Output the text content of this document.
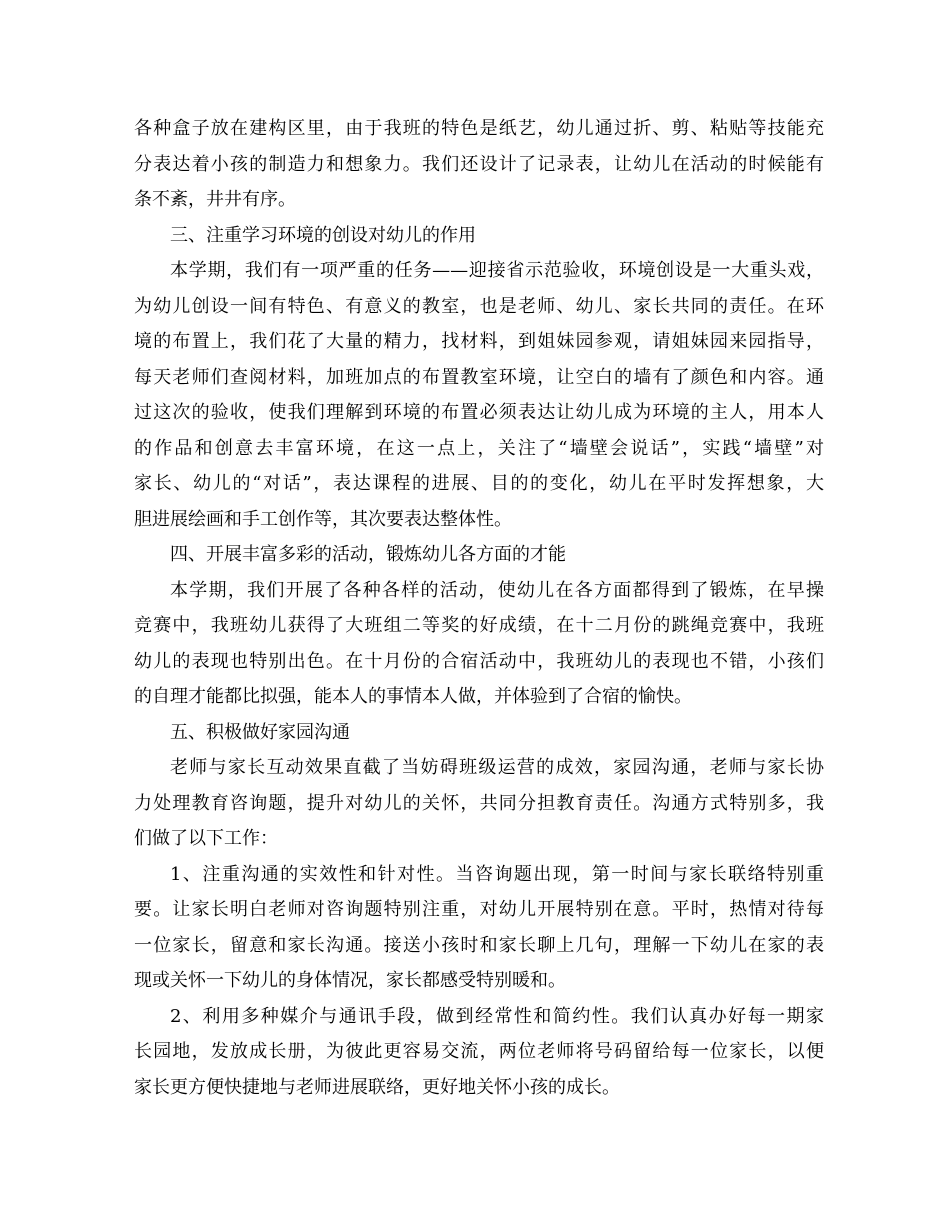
各种盒子放在建构区里，由于我班的特色是纸艺，幼儿通过折、剪、粘贴等技能充
分表达着小孩的制造力和想象力。我们还设计了记录表，让幼儿在活动的时候能有
条不紊，井井有序。
三、注重学习环境的创设对幼儿的作用
本学期，我们有一项严重的任务——迎接省示范验收，环境创设是一大重头戏，
为幼儿创设一间有特色、有意义的教室，也是老师、幼儿、家长共同的责任。在环
境的布置上，我们花了大量的精力，找材料，到姐妹园参观，请姐妹园来园指导，
每天老师们查阅材料，加班加点的布置教室环境，让空白的墙有了颜色和内容。通
过这次的验收，使我们理解到环境的布置必须表达让幼儿成为环境的主人，用本人
的作品和创意去丰富环境，在这一点上，关注了“墙壁会说话”，实践“墙壁”对
家长、幼儿的“对话”，表达课程的进展、目的的变化，幼儿在平时发挥想象，大
胆进展绘画和手工创作等，其次要表达整体性。
四、开展丰富多彩的活动，锻炼幼儿各方面的才能
本学期，我们开展了各种各样的活动，使幼儿在各方面都得到了锻炼，在早操
竞赛中，我班幼儿获得了大班组二等奖的好成绩，在十二月份的跳绳竞赛中，我班
幼儿的表现也特别出色。在十月份的合宿活动中，我班幼儿的表现也不错，小孩们
的自理才能都比拟强，能本人的事情本人做，并体验到了合宿的愉快。
五、积极做好家园沟通
老师与家长互动效果直截了当妨碍班级运营的成效，家园沟通，老师与家长协
力处理教育咨询题，提升对幼儿的关怀，共同分担教育责任。沟通方式特别多，我
们做了以下工作：
1、注重沟通的实效性和针对性。当咨询题出现，第一时间与家长联络特别重
要。让家长明白老师对咨询题特别注重，对幼儿开展特别在意。平时，热情对待每
一位家长，留意和家长沟通。接送小孩时和家长聊上几句，理解一下幼儿在家的表
现或关怀一下幼儿的身体情况，家长都感受特别暖和。
2、利用多种媒介与通讯手段，做到经常性和简约性。我们认真办好每一期家
长园地，发放成长册，为彼此更容易交流，两位老师将号码留给每一位家长，以便
家长更方便快捷地与老师进展联络，更好地关怀小孩的成长。
